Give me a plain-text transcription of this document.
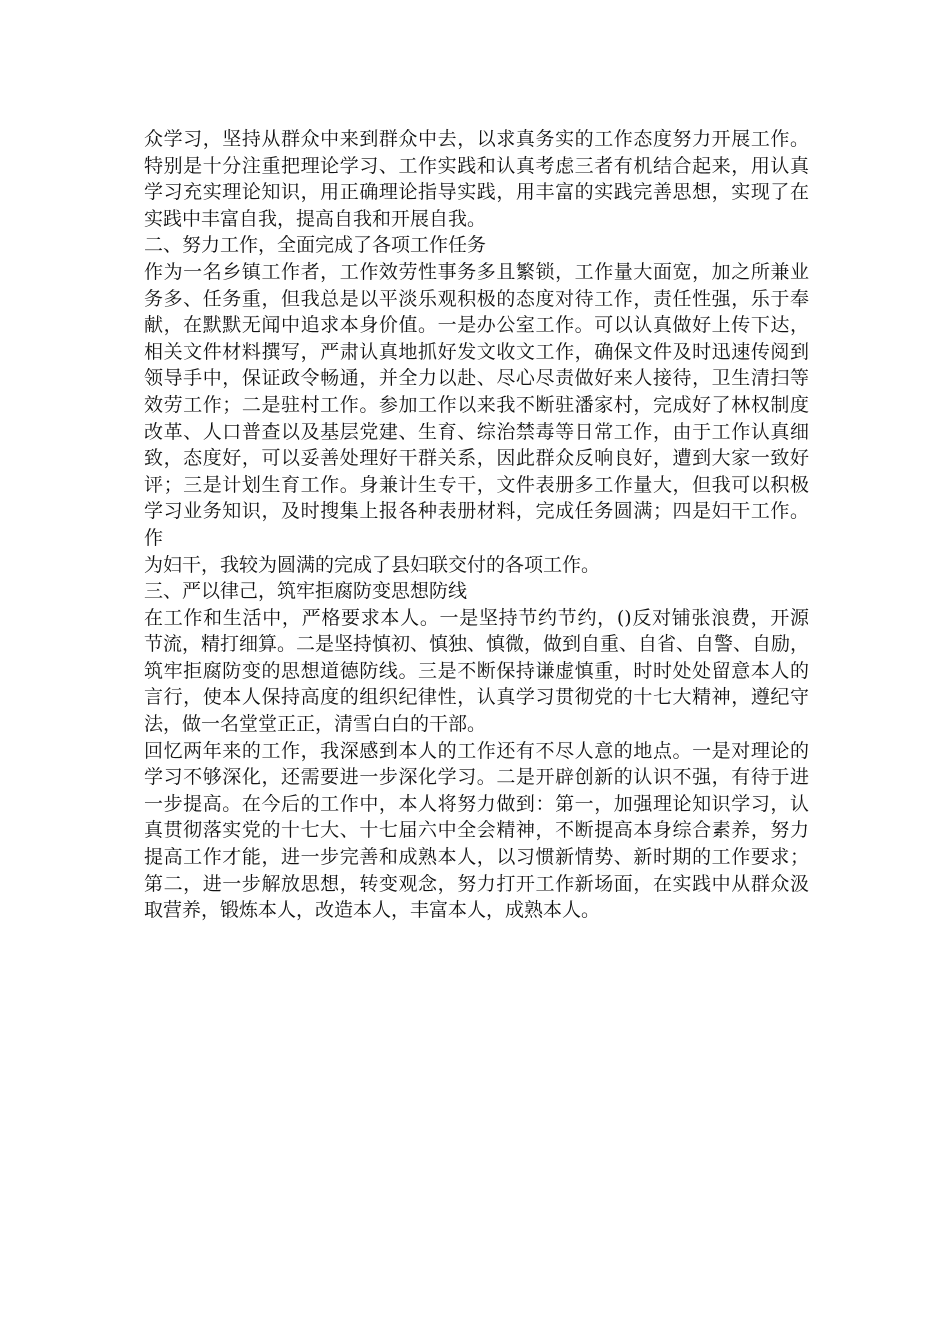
众学习，坚持从群众中来到群众中去，以求真务实的工作态度努力开展工作。
特别是十分注重把理论学习、工作实践和认真考虑三者有机结合起来，用认真
学习充实理论知识，用正确理论指导实践，用丰富的实践完善思想，实现了在
实践中丰富自我，提高自我和开展自我。
二、努力工作，全面完成了各项工作任务
作为一名乡镇工作者，工作效劳性事务多且繁锁，工作量大面宽，加之所兼业
务多、任务重，但我总是以平淡乐观积极的态度对待工作，责任性强，乐于奉
献，在默默无闻中追求本身价值。一是办公室工作。可以认真做好上传下达，
相关文件材料撰写，严肃认真地抓好发文收文工作，确保文件及时迅速传阅到
领导手中，保证政令畅通，并全力以赴、尽心尽责做好来人接待，卫生清扫等
效劳工作；二是驻村工作。参加工作以来我不断驻潘家村，完成好了林权制度
改革、人口普查以及基层党建、生育、综治禁毒等日常工作，由于工作认真细
致，态度好，可以妥善处理好干群关系，因此群众反响良好，遭到大家一致好
评；三是计划生育工作。身兼计生专干，文件表册多工作量大，但我可以积极
学习业务知识，及时搜集上报各种表册材料，完成任务圆满；四是妇干工作。
作
为妇干，我较为圆满的完成了县妇联交付的各项工作。
三、严以律己，筑牢拒腐防变思想防线
在工作和生活中，严格要求本人。一是坚持节约节约，()反对铺张浪费，开源
节流，精打细算。二是坚持慎初、慎独、慎微，做到自重、自省、自警、自励，
筑牢拒腐防变的思想道德防线。三是不断保持谦虚慎重，时时处处留意本人的
言行，使本人保持高度的组织纪律性，认真学习贯彻党的十七大精神，遵纪守
法，做一名堂堂正正，清雪白白的干部。
回忆两年来的工作，我深感到本人的工作还有不尽人意的地点。一是对理论的
学习不够深化，还需要进一步深化学习。二是开辟创新的认识不强，有待于进
一步提高。在今后的工作中，本人将努力做到：第一，加强理论知识学习，认
真贯彻落实党的十七大、十七届六中全会精神，不断提高本身综合素养，努力
提高工作才能，进一步完善和成熟本人，以习惯新情势、新时期的工作要求；
第二，进一步解放思想，转变观念，努力打开工作新场面，在实践中从群众汲
取营养，锻炼本人，改造本人，丰富本人，成熟本人。
